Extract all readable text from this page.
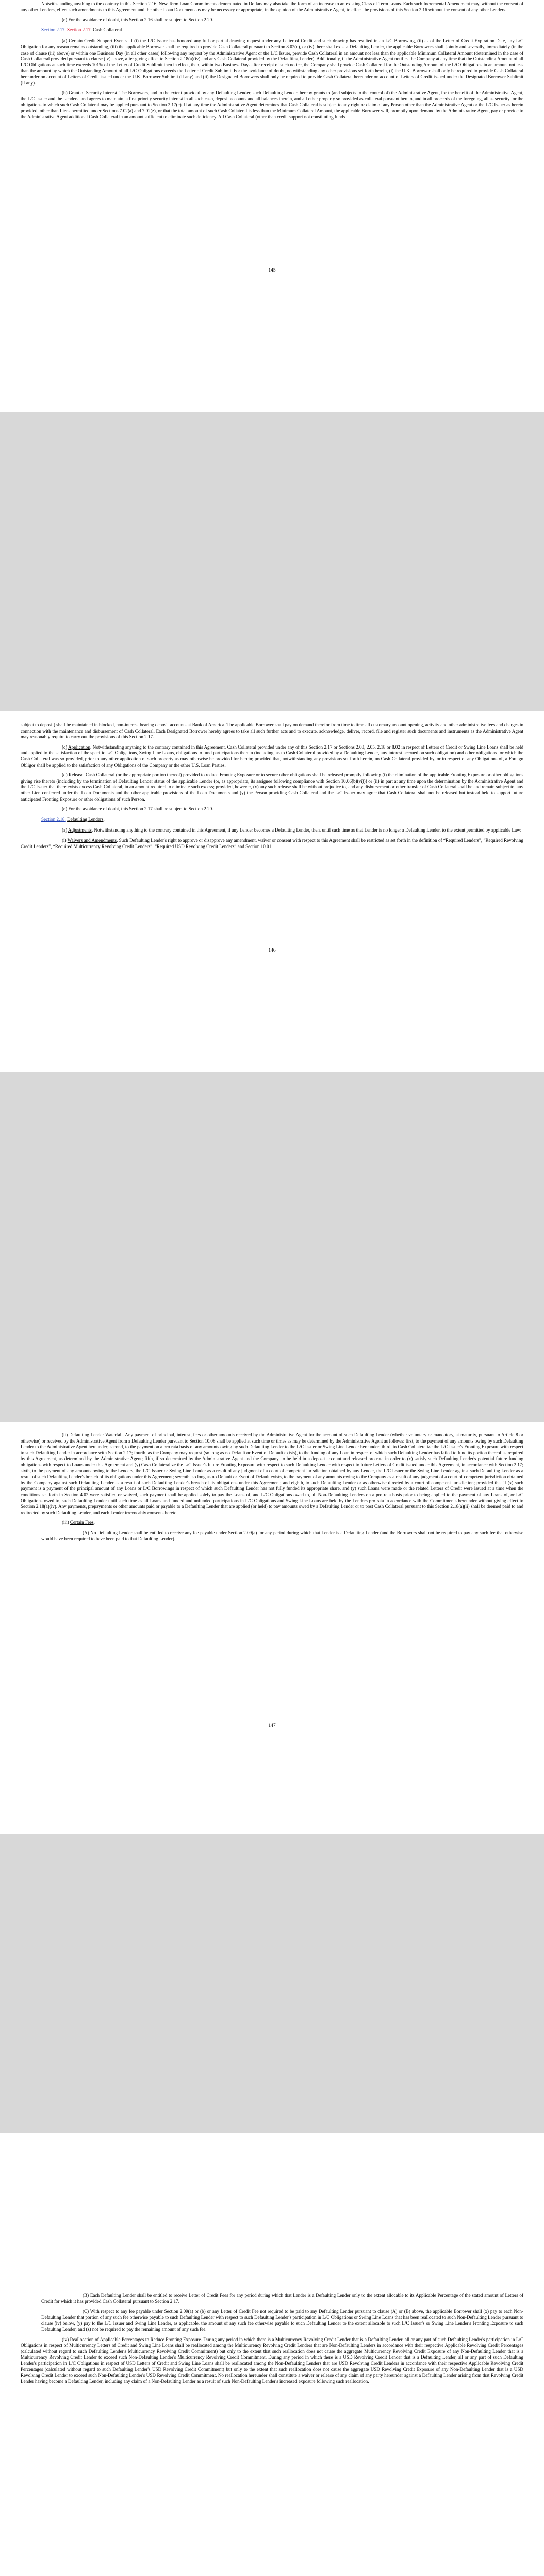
Notwithstanding anything to the contrary in this Section 2.16, New Term Loan Commitments denominated in Dollars may also take the form of an increase to an existing Class of Term Loans. Each such Incremental Amendment may, without the consent of any other Lenders, effect such amendments to this Agreement and the other Loan Documents as may be necessary or appropriate, in the opinion of the Administrative Agent, to effect the provisions of this Section 2.16 without the consent of any other Lenders.

(e) For the avoidance of doubt, this Section 2.16 shall be subject to Section 2.20.

Section 2.17. Section 2.17. Cash Collateral

(a) Certain Credit Support Events. If (i) the L/C Issuer has honored any full or partial drawing request under any Letter of Credit and such drawing has resulted in an L/C Borrowing, (ii) as of the Letter of Credit Expiration Date, any L/C Obligation for any reason remains outstanding, (iii) the applicable Borrower shall be required to provide Cash Collateral pursuant to Section 8.02(c), or (iv) there shall exist a Defaulting Lender, the applicable Borrowers shall, jointly and severally, immediately (in the case of clause (iii) above) or within one Business Day (in all other cases) following any request by the Administrative Agent or the L/C Issuer, provide Cash Collateral in an amount not less than the applicable Minimum Collateral Amount (determined in the case of Cash Collateral provided pursuant to clause (iv) above, after giving effect to Section 2.18(a)(iv) and any Cash Collateral provided by the Defaulting Lender). Additionally, if the Administrative Agent notifies the Company at any time that the Outstanding Amount of all L/C Obligations at such time exceeds 101% of the Letter of Credit Sublimit then in effect, then, within two Business Days after receipt of such notice, the Company shall provide Cash Collateral for the Outstanding Amount of the L/C Obligations in an amount not less than the amount by which the Outstanding Amount of all L/C Obligations exceeds the Letter of Credit Sublimit. For the avoidance of doubt, notwithstanding any other provisions set forth herein, (i) the U.K. Borrower shall only be required to provide Cash Collateral hereunder on account of Letters of Credit issued under the U.K. Borrower Sublimit (if any) and (ii) the Designated Borrowers shall only be required to provide Cash Collateral hereunder on account of Letters of Credit issued under the Designated Borrower Sublimit (if any).

(b) Grant of Security Interest. The Borrowers, and to the extent provided by any Defaulting Lender, such Defaulting Lender, hereby grants to (and subjects to the control of) the Administrative Agent, for the benefit of the Administrative Agent, the L/C Issuer and the Lenders, and agrees to maintain, a first priority security interest in all such cash, deposit accounts and all balances therein, and all other property so provided as collateral pursuant hereto, and in all proceeds of the foregoing, all as security for the obligations to which such Cash Collateral may be applied pursuant to Section 2.17(c). If at any time the Administrative Agent determines that Cash Collateral is subject to any right or claim of any Person other than the Administrative Agent or the L/C Issuer as herein provided, other than Liens permitted under Sections 7.02(a) and 7.02(z), or that the total amount of such Cash Collateral is less than the Minimum Collateral Amount, the applicable Borrower will, promptly upon demand by the Administrative Agent, pay or provide to the Administrative Agent additional Cash Collateral in an amount sufficient to eliminate such deficiency. All Cash Collateral (other than credit support not constituting funds

145

subject to deposit) shall be maintained in blocked, non-interest bearing deposit accounts at Bank of America. The applicable Borrower shall pay on demand therefor from time to time all customary account opening, activity and other administrative fees and charges in connection with the maintenance and disbursement of Cash Collateral. Each Designated Borrower hereby agrees to take all such further acts and to execute, acknowledge, deliver, record, file and register such documents and instruments as the Administrative Agent may reasonably require to carry out the provisions of this Section 2.17.

(c) Application. Notwithstanding anything to the contrary contained in this Agreement, Cash Collateral provided under any of this Section 2.17 or Sections 2.03, 2.05, 2.18 or 8.02 in respect of Letters of Credit or Swing Line Loans shall be held and applied to the satisfaction of the specific L/C Obligations, Swing Line Loans, obligations to fund participations therein (including, as to Cash Collateral provided by a Defaulting Lender, any interest accrued on such obligation) and other obligations for which the Cash Collateral was so provided, prior to any other application of such property as may otherwise be provided for herein; provided that, notwithstanding any provisions set forth herein, no Cash Collateral provided by, or in respect of any Obligations of, a Foreign Obligor shall be applied to the satisfaction of any Obligations of the Company or the other U.S. Loan Parties.

(d) Release. Cash Collateral (or the appropriate portion thereof) provided to reduce Fronting Exposure or to secure other obligations shall be released promptly following (i) the elimination of the applicable Fronting Exposure or other obligations giving rise thereto (including by the termination of Defaulting Lender status of the applicable Lender (or, as appropriate, its assignee following compliance with Section 10.06(b)(vi))) or (ii) in part at any time upon the determination by the Administrative Agent and the L/C Issuer that there exists excess Cash Collateral, in an amount required to eliminate such excess; provided, however, (x) any such release shall be without prejudice to, and any disbursement or other transfer of Cash Collateral shall be and remain subject to, any other Lien conferred under the Loan Documents and the other applicable provisions of the Loan Documents and (y) the Person providing Cash Collateral and the L/C Issuer may agree that Cash Collateral shall not be released but instead held to support future anticipated Fronting Exposure or other obligations of such Person.

(e) For the avoidance of doubt, this Section 2.17 shall be subject to Section 2.20.

Section 2.18. Defaulting Lenders.

(a) Adjustments. Notwithstanding anything to the contrary contained in this Agreement, if any Lender becomes a Defaulting Lender, then, until such time as that Lender is no longer a Defaulting Lender, to the extent permitted by applicable Law:

(i) Waivers and Amendments. Such Defaulting Lender's right to approve or disapprove any amendment, waiver or consent with respect to this Agreement shall be restricted as set forth in the definition of “Required Lenders”, “Required Revolving Credit Lenders”, “Required Multicurrency Revolving Credit Lenders”, “Required USD Revolving Credit Lenders” and Section 10.01.

146

(ii) Defaulting Lender Waterfall. Any payment of principal, interest, fees or other amounts received by the Administrative Agent for the account of such Defaulting Lender (whether voluntary or mandatory, at maturity, pursuant to Article 8 or otherwise) or received by the Administrative Agent from a Defaulting Lender pursuant to Section 10.08 shall be applied at such time or times as may be determined by the Administrative Agent as follows: first, to the payment of any amounts owing by such Defaulting Lender to the Administrative Agent hereunder; second, to the payment on a pro rata basis of any amounts owing by such Defaulting Lender to the L/C Issuer or Swing Line Lender hereunder; third, to Cash Collateralize the L/C Issuer's Fronting Exposure with respect to such Defaulting Lender in accordance with Section 2.17; fourth, as the Company may request (so long as no Default or Event of Default exists), to the funding of any Loan in respect of which such Defaulting Lender has failed to fund its portion thereof as required by this Agreement, as determined by the Administrative Agent; fifth, if so determined by the Administrative Agent and the Company, to be held in a deposit account and released pro rata in order to (x) satisfy such Defaulting Lender's potential future funding obligations with respect to Loans under this Agreement and (y) Cash Collateralize the L/C Issuer's future Fronting Exposure with respect to such Defaulting Lender with respect to future Letters of Credit issued under this Agreement, in accordance with Section 2.17; sixth, to the payment of any amounts owing to the Lenders, the L/C Issuer or Swing Line Lender as a result of any judgment of a court of competent jurisdiction obtained by any Lender, the L/C Issuer or the Swing Line Lender against such Defaulting Lender as a result of such Defaulting Lender's breach of its obligations under this Agreement; seventh, so long as no Default or Event of Default exists, to the payment of any amounts owing to the Company as a result of any judgment of a court of competent jurisdiction obtained by the Company against such Defaulting Lender as a result of such Defaulting Lender's breach of its obligations under this Agreement; and eighth, to such Defaulting Lender or as otherwise directed by a court of competent jurisdiction; provided that if (x) such payment is a payment of the principal amount of any Loans or L/C Borrowings in respect of which such Defaulting Lender has not fully funded its appropriate share, and (y) such Loans were made or the related Letters of Credit were issued at a time when the conditions set forth in Section 4.02 were satisfied or waived, such payment shall be applied solely to pay the Loans of, and L/C Obligations owed to, all Non-Defaulting Lenders on a pro rata basis prior to being applied to the payment of any Loans of, or L/C Obligations owed to, such Defaulting Lender until such time as all Loans and funded and unfunded participations in L/C Obligations and Swing Line Loans are held by the Lenders pro rata in accordance with the Commitments hereunder without giving effect to Section 2.18(a)(iv). Any payments, prepayments or other amounts paid or payable to a Defaulting Lender that are applied (or held) to pay amounts owed by a Defaulting Lender or to post Cash Collateral pursuant to this Section 2.18(a)(ii) shall be deemed paid to and redirected by such Defaulting Lender, and each Lender irrevocably consents hereto.

(iii) Certain Fees.

(A) No Defaulting Lender shall be entitled to receive any fee payable under Section 2.09(a) for any period during which that Lender is a Defaulting Lender (and the Borrowers shall not be required to pay any such fee that otherwise would have been required to have been paid to that Defaulting Lender).

147

(B) Each Defaulting Lender shall be entitled to receive Letter of Credit Fees for any period during which that Lender is a Defaulting Lender only to the extent allocable to its Applicable Percentage of the stated amount of Letters of Credit for which it has provided Cash Collateral pursuant to Section 2.17.

(C) With respect to any fee payable under Section 2.09(a) or (b) or any Letter of Credit Fee not required to be paid to any Defaulting Lender pursuant to clause (A) or (B) above, the applicable Borrower shall (x) pay to each Non-Defaulting Lender that portion of any such fee otherwise payable to such Defaulting Lender with respect to such Defaulting Lender's participation in L/C Obligations or Swing Line Loans that has been reallocated to such Non-Defaulting Lender pursuant to clause (iv) below, (y) pay to the L/C Issuer and Swing Line Lender, as applicable, the amount of any such fee otherwise payable to such Defaulting Lender to the extent allocable to such L/C Issuer's or Swing Line Lender's Fronting Exposure to such Defaulting Lender, and (z) not be required to pay the remaining amount of any such fee.

(iv) Reallocation of Applicable Percentages to Reduce Fronting Exposure. During any period in which there is a Multicurrency Revolving Credit Lender that is a Defaulting Lender, all or any part of such Defaulting Lender's participation in L/C Obligations in respect of Multicurrency Letters of Credit and Swing Line Loans shall be reallocated among the Multicurrency Revolving Credit Lenders that are Non-Defaulting Lenders in accordance with their respective Applicable Revolving Credit Percentages (calculated without regard to such Defaulting Lender's Multicurrency Revolving Credit Commitment) but only to the extent that such reallocation does not cause the aggregate Multicurrency Revolving Credit Exposure of any Non-Defaulting Lender that is a Multicurrency Revolving Credit Lender to exceed such Non-Defaulting Lender's Multicurrency Revolving Credit Commitment. During any period in which there is a USD Revolving Credit Lender that is a Defaulting Lender, all or any part of such Defaulting Lender's participation in L/C Obligations in respect of USD Letters of Credit and Swing Line Loans shall be reallocated among the Non-Defaulting Lenders that are USD Revolving Credit Lenders in accordance with their respective Applicable Revolving Credit Percentages (calculated without regard to such Defaulting Lender's USD Revolving Credit Commitment) but only to the extent that such reallocation does not cause the aggregate USD Revolving Credit Exposure of any Non-Defaulting Lender that is a USD Revolving Credit Lender to exceed such Non-Defaulting Lender's USD Revolving Credit Commitment. No reallocation hereunder shall constitute a waiver or release of any claim of any party hereunder against a Defaulting Lender arising from that Revolving Credit Lender having become a Defaulting Lender, including any claim of a Non-Defaulting Lender as a result of such Non-Defaulting Lender's increased exposure following such reallocation.
